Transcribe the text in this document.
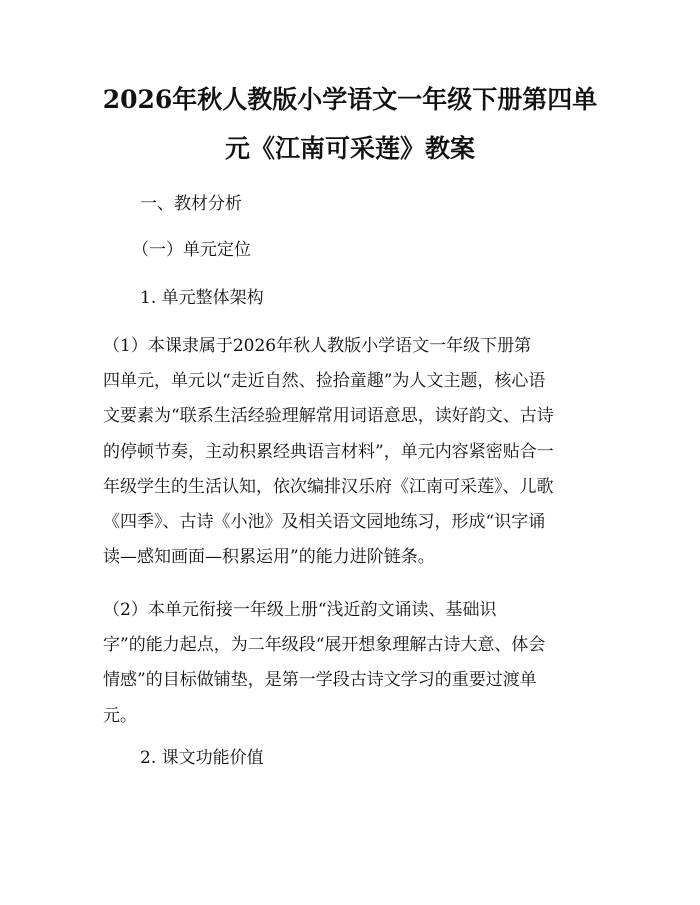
2026年秋人教版小学语文一年级下册第四单
元《江南可采莲》教案
一、教材分析
（一）单元定位
1. 单元整体架构
（1）本课隶属于2026年秋人教版小学语文一年级下册第
四单元，单元以“走近自然、捡拾童趣”为人文主题，核心语
文要素为“联系生活经验理解常用词语意思，读好韵文、古诗
的停顿节奏，主动积累经典语言材料”，单元内容紧密贴合一
年级学生的生活认知，依次编排汉乐府《江南可采莲》、儿歌
《四季》、古诗《小池》及相关语文园地练习，形成“识字诵
读—感知画面—积累运用”的能力进阶链条。
（2）本单元衔接一年级上册“浅近韵文诵读、基础识
字”的能力起点，为二年级段“展开想象理解古诗大意、体会
情感”的目标做铺垫，是第一学段古诗文学习的重要过渡单
元。
2. 课文功能价值
